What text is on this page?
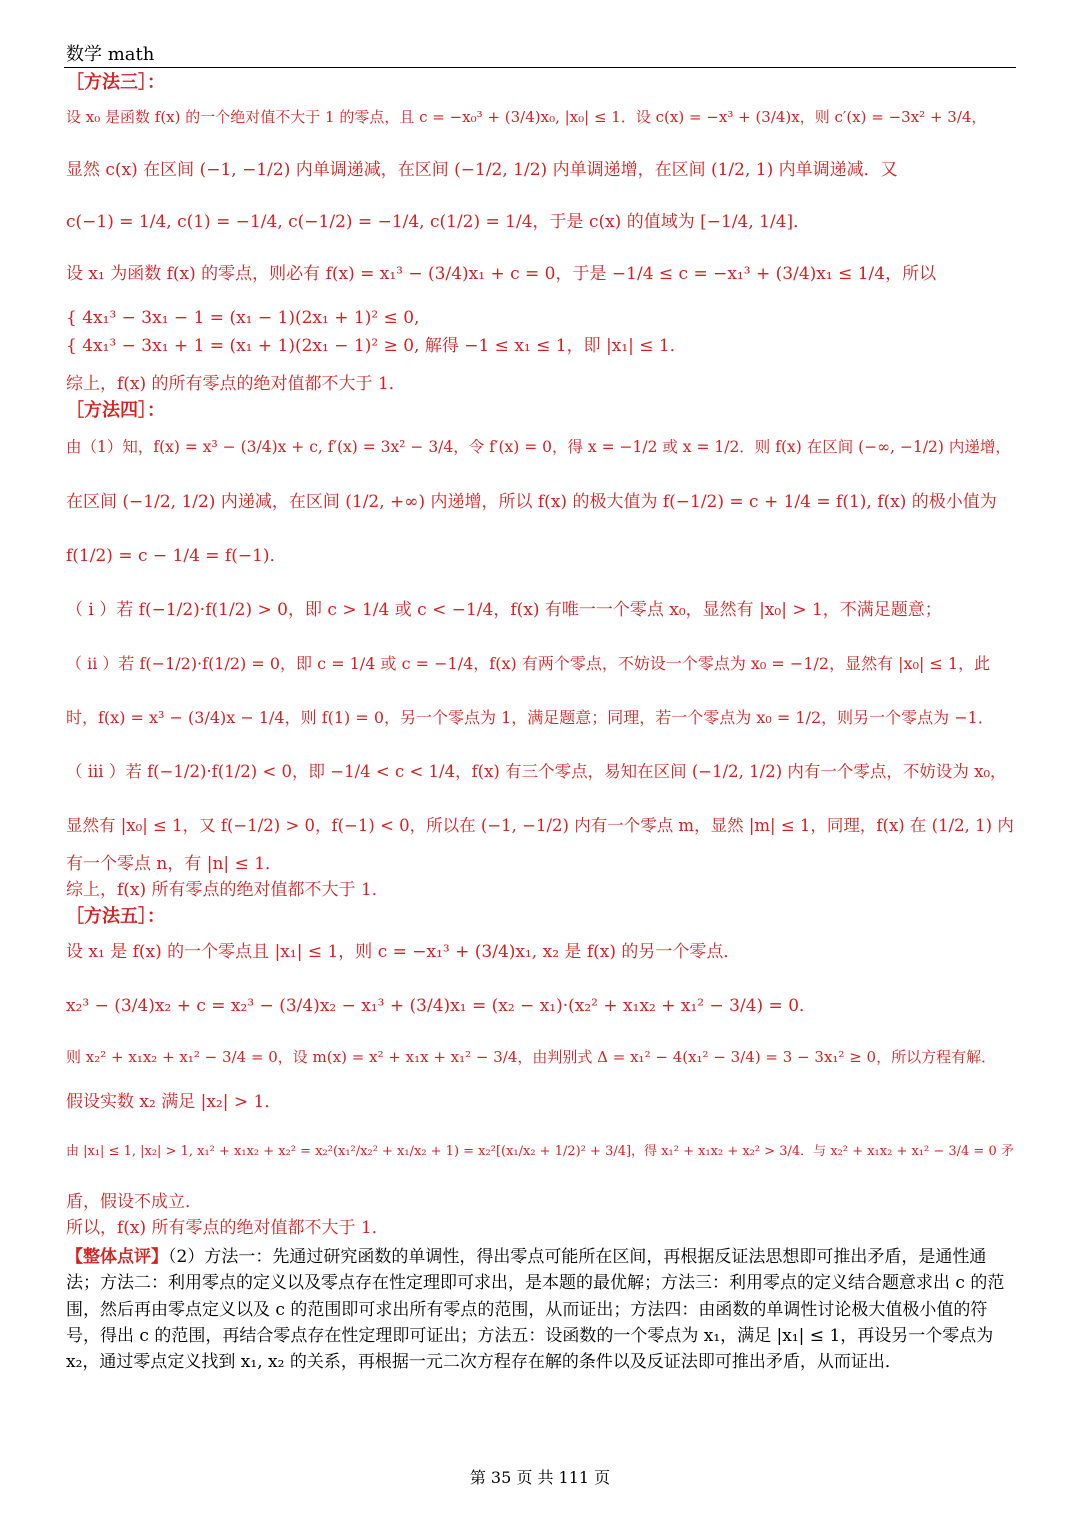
数学 math
［方法三］：
设 x₀ 是函数 f(x) 的一个绝对值不大于 1 的零点，且 c = −x₀³ + (3/4)x₀, |x₀| ≤ 1．设 c(x) = −x³ + (3/4)x，则 c′(x) = −3x² + 3/4，
显然 c(x) 在区间 (−1, −1/2) 内单调递减，在区间 (−1/2, 1/2) 内单调递增，在区间 (1/2, 1) 内单调递减．又
c(−1) = 1/4, c(1) = −1/4, c(−1/2) = −1/4, c(1/2) = 1/4，于是 c(x) 的值域为 [−1/4, 1/4]．
设 x₁ 为函数 f(x) 的零点，则必有 f(x) = x₁³ − (3/4)x₁ + c = 0，于是 −1/4 ≤ c = −x₁³ + (3/4)x₁ ≤ 1/4，所以
{ 4x₁³ − 3x₁ − 1 = (x₁ − 1)(2x₁ + 1)² ≤ 0,
{ 4x₁³ − 3x₁ + 1 = (x₁ + 1)(2x₁ − 1)² ≥ 0, 解得 −1 ≤ x₁ ≤ 1，即 |x₁| ≤ 1．
综上，f(x) 的所有零点的绝对值都不大于 1．
［方法四］：
由（1）知，f(x) = x³ − (3/4)x + c, f′(x) = 3x² − 3/4，令 f′(x) = 0，得 x = −1/2 或 x = 1/2．则 f(x) 在区间 (−∞, −1/2) 内递增，
在区间 (−1/2, 1/2) 内递减，在区间 (1/2, +∞) 内递增，所以 f(x) 的极大值为 f(−1/2) = c + 1/4 = f(1), f(x) 的极小值为
f(1/2) = c − 1/4 = f(−1)．
（ i ）若 f(−1/2)·f(1/2) > 0，即 c > 1/4 或 c < −1/4，f(x) 有唯一一个零点 x₀，显然有 |x₀| > 1，不满足题意；
（ ii ）若 f(−1/2)·f(1/2) = 0，即 c = 1/4 或 c = −1/4，f(x) 有两个零点，不妨设一个零点为 x₀ = −1/2，显然有 |x₀| ≤ 1，此
时，f(x) = x³ − (3/4)x − 1/4，则 f(1) = 0，另一个零点为 1，满足题意；同理，若一个零点为 x₀ = 1/2，则另一个零点为 −1．
（ iii ）若 f(−1/2)·f(1/2) < 0，即 −1/4 < c < 1/4，f(x) 有三个零点，易知在区间 (−1/2, 1/2) 内有一个零点，不妨设为 x₀，
显然有 |x₀| ≤ 1，又 f(−1/2) > 0，f(−1) < 0，所以在 (−1, −1/2) 内有一个零点 m，显然 |m| ≤ 1，同理，f(x) 在 (1/2, 1) 内
有一个零点 n，有 |n| ≤ 1．
综上，f(x) 所有零点的绝对值都不大于 1．
［方法五］：
设 x₁ 是 f(x) 的一个零点且 |x₁| ≤ 1，则 c = −x₁³ + (3/4)x₁, x₂ 是 f(x) 的另一个零点．
x₂³ − (3/4)x₂ + c = x₂³ − (3/4)x₂ − x₁³ + (3/4)x₁ = (x₂ − x₁)·(x₂² + x₁x₂ + x₁² − 3/4) = 0．
则 x₂² + x₁x₂ + x₁² − 3/4 = 0，设 m(x) = x² + x₁x + x₁² − 3/4，由判别式 Δ = x₁² − 4(x₁² − 3/4) = 3 − 3x₁² ≥ 0，所以方程有解．
假设实数 x₂ 满足 |x₂| > 1．
由 |x₁| ≤ 1, |x₂| > 1, x₁² + x₁x₂ + x₂² = x₂²(x₁²/x₂² + x₁/x₂ + 1) = x₂²[(x₁/x₂ + 1/2)² + 3/4]，得 x₁² + x₁x₂ + x₂² > 3/4．与 x₂² + x₁x₂ + x₁² − 3/4 = 0 矛
盾，假设不成立．
所以，f(x) 所有零点的绝对值都不大于 1．
【整体点评】（2）方法一：先通过研究函数的单调性，得出零点可能所在区间，再根据反证法思想即可推出矛盾，是通性通法；方法二：利用零点的定义以及零点存在性定理即可求出，是本题的最优解；方法三：利用零点的定义结合题意求出 c 的范围，然后再由零点定义以及 c 的范围即可求出所有零点的范围，从而证出；方法四：由函数的单调性讨论极大值极小值的符号，得出 c 的范围，再结合零点存在性定理即可证出；方法五：设函数的一个零点为 x₁，满足 |x₁| ≤ 1，再设另一个零点为 x₂，通过零点定义找到 x₁, x₂ 的关系，再根据一元二次方程存在解的条件以及反证法即可推出矛盾，从而证出．
第 35 页 共 111 页
